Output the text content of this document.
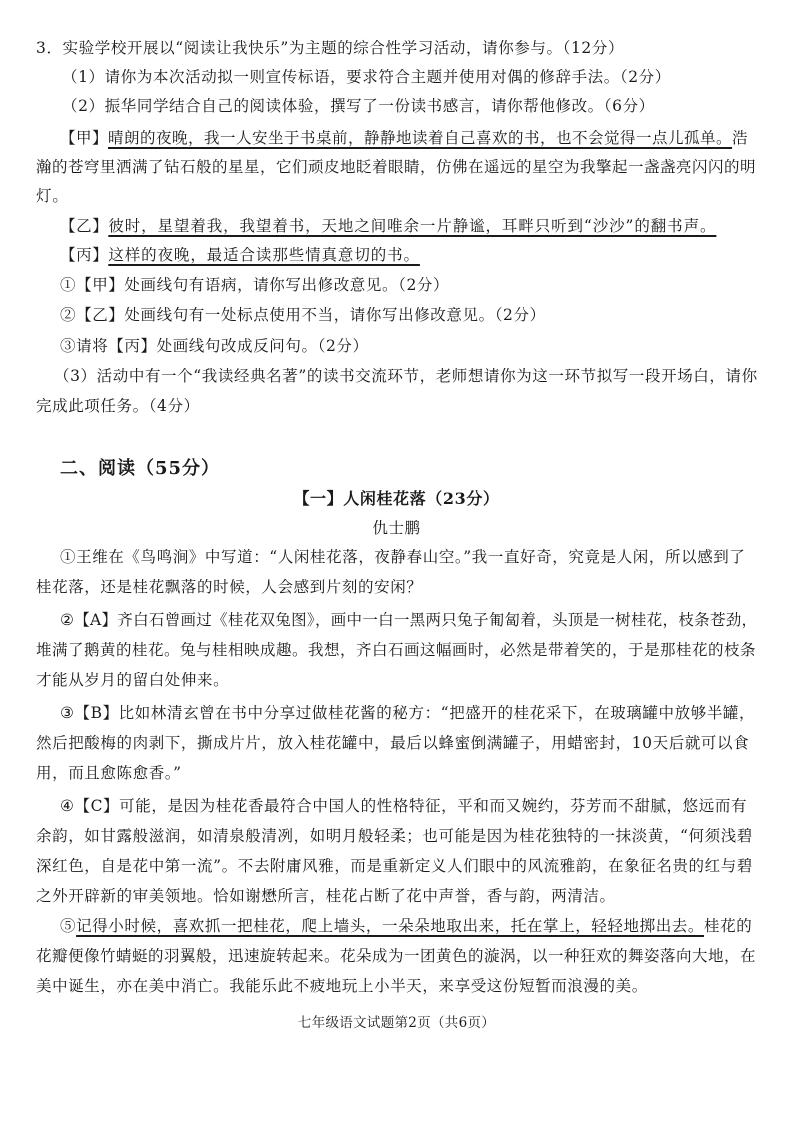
3．实验学校开展以“阅读让我快乐”为主题的综合性学习活动，请你参与。（12分）
（1）请你为本次活动拟一则宣传标语，要求符合主题并使用对偶的修辞手法。（2分）
（2）振华同学结合自己的阅读体验，撰写了一份读书感言，请你帮他修改。（6分）
【甲】晴朗的夜晚，我一人安坐于书桌前，静静地读着自己喜欢的书，也不会觉得一点儿孤单。浩
瀚的苍穹里洒满了钻石般的星星，它们顽皮地眨着眼睛，仿佛在遥远的星空为我擎起一盏盏亮闪闪的明
灯。
【乙】彼时，星望着我，我望着书，天地之间唯余一片静谧，耳畔只听到“沙沙”的翻书声。
【丙】这样的夜晚，最适合读那些情真意切的书。
①【甲】处画线句有语病，请你写出修改意见。（2分）
②【乙】处画线句有一处标点使用不当，请你写出修改意见。（2分）
③请将【丙】处画线句改成反问句。（2分）
（3）活动中有一个“我读经典名著”的读书交流环节，老师想请你为这一环节拟写一段开场白，请你
完成此项任务。（4分）
二、阅读（55分）
【一】人闲桂花落（23分）
仇士鹏
①王维在《鸟鸣涧》中写道：“人闲桂花落，夜静春山空。”我一直好奇，究竟是人闲，所以感到了
桂花落，还是桂花飘落的时候，人会感到片刻的安闲？
②【A】齐白石曾画过《桂花双兔图》，画中一白一黑两只兔子匍匐着，头顶是一树桂花，枝条苍劲，
堆满了鹅黄的桂花。兔与桂相映成趣。我想，齐白石画这幅画时，必然是带着笑的，于是那桂花的枝条
才能从岁月的留白处伸来。
③【B】比如林清玄曾在书中分享过做桂花酱的秘方：“把盛开的桂花采下，在玻璃罐中放够半罐，
然后把酸梅的肉剥下，撕成片片，放入桂花罐中，最后以蜂蜜倒满罐子，用蜡密封，10天后就可以食
用，而且愈陈愈香。”
④【C】可能，是因为桂花香最符合中国人的性格特征，平和而又婉约，芬芳而不甜腻，悠远而有
余韵，如甘露般滋润，如清泉般清冽，如明月般轻柔；也可能是因为桂花独特的一抹淡黄，“何须浅碧
深红色，自是花中第一流”。不去附庸风雅，而是重新定义人们眼中的风流雅韵，在象征名贵的红与碧
之外开辟新的审美领地。恰如谢懋所言，桂花占断了花中声誉，香与韵，两清洁。
⑤记得小时候，喜欢抓一把桂花，爬上墙头，一朵朵地取出来，托在掌上，轻轻地掷出去。桂花的
花瓣便像竹蜻蜓的羽翼般，迅速旋转起来。花朵成为一团黄色的漩涡，以一种狂欢的舞姿落向大地，在
美中诞生，亦在美中消亡。我能乐此不疲地玩上小半天，来享受这份短暂而浪漫的美。
七年级语文试题第2页（共6页）
